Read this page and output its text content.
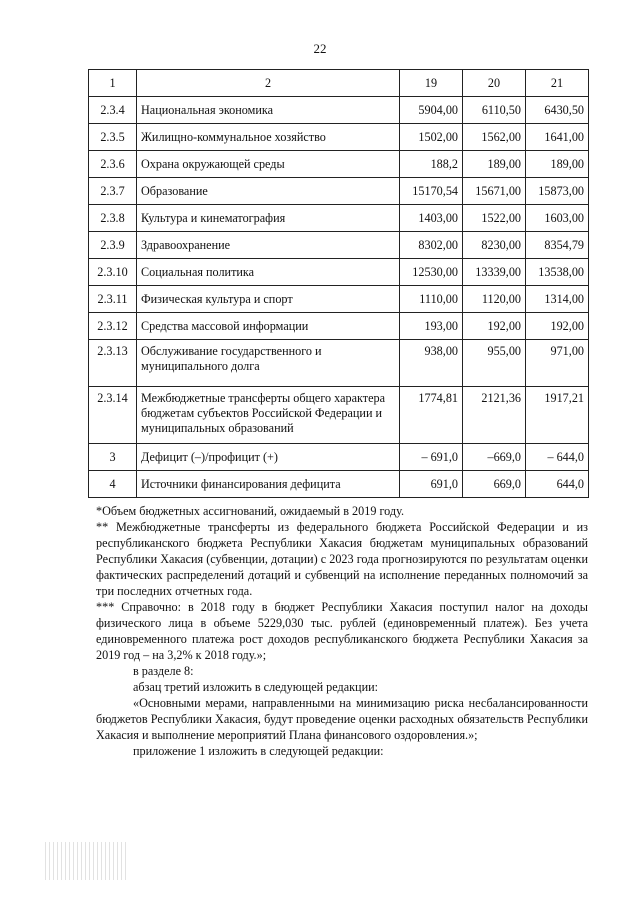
22
1	2	19	20	21
2.3.4	Национальная экономика	5904,00	6110,50	6430,50
2.3.5	Жилищно-коммунальное хозяйство	1502,00	1562,00	1641,00
2.3.6	Охрана окружающей среды	188,2	189,00	189,00
2.3.7	Образование	15170,54	15671,00	15873,00
2.3.8	Культура и кинематография	1403,00	1522,00	1603,00
2.3.9	Здравоохранение	8302,00	8230,00	8354,79
2.3.10	Социальная политика	12530,00	13339,00	13538,00
2.3.11	Физическая культура и спорт	1110,00	1120,00	1314,00
2.3.12	Средства массовой информации	193,00	192,00	192,00
2.3.13	Обслуживание государственного и муниципального долга	938,00	955,00	971,00
2.3.14	Межбюджетные трансферты общего характера бюджетам субъектов Российской Федерации и муниципальных образований	1774,81	2121,36	1917,21
3	Дефицит (–)/профицит (+)	– 691,0	–669,0	– 644,0
4	Источники финансирования дефицита	691,0	669,0	644,0

*Объем бюджетных ассигнований, ожидаемый в 2019 году.

** Межбюджетные трансферты из федерального бюджета Российской Федерации и из республиканского бюджета Республики Хакасия бюджетам муниципальных образований Республики Хакасия (субвенции, дотации) с 2023 года прогнозируются по результатам оценки фактических распределений дотаций и субвенций на исполнение переданных полномочий за три последних отчетных года.

*** Справочно: в 2018 году в бюджет Республики Хакасия поступил налог на доходы физического лица в объеме 5229,030 тыс. рублей (единовременный платеж). Без учета единовременного платежа рост доходов республиканского бюджета Республики Хакасия за 2019 год – на 3,2% к 2018 году.»;

в разделе 8:

абзац третий изложить в следующей редакции:

«Основными мерами, направленными на минимизацию риска несбалансированности бюджетов Республики Хакасия, будут проведение оценки расходных обязательств Республики Хакасия и выполнение мероприятий Плана финансового оздоровления.»;

приложение 1 изложить в следующей редакции:
